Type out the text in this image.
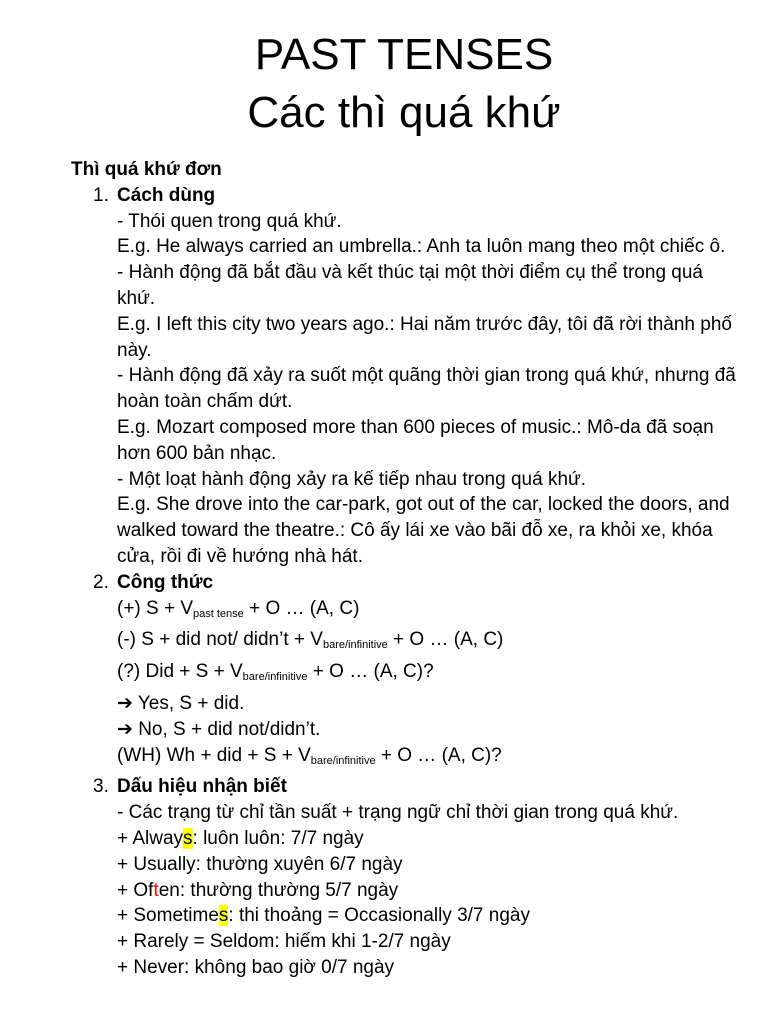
PAST TENSES
Các thì quá khứ
Thì quá khứ đơn
1. Cách dùng
- Thói quen trong quá khứ.
E.g. He always carried an umbrella.: Anh ta luôn mang theo một chiếc ô.
- Hành động đã bắt đầu và kết thúc tại một thời điểm cụ thể trong quá khứ.
E.g. I left this city two years ago.: Hai năm trước đây, tôi đã rời thành phố này.
- Hành động đã xảy ra suốt một quãng thời gian trong quá khứ, nhưng đã hoàn toàn chấm dứt.
E.g. Mozart composed more than 600 pieces of music.: Mô-da đã soạn hơn 600 bản nhạc.
- Một loạt hành động xảy ra kế tiếp nhau trong quá khứ.
E.g. She drove into the car-park, got out of the car, locked the doors, and walked toward the theatre.: Cô ấy lái xe vào bãi đỗ xe, ra khỏi xe, khóa cửa, rồi đi về hướng nhà hát.
2. Công thức
(+) $S + V_{past tense} + O$ … (A, C)
(-) S + did not/ didn’t + $V_{bare/infinitive} + O$ … (A, C)
(?) Did + $S + V_{bare/infinitive} + O$ … (A, C)?
➔ Yes, S + did.
➔ No, S + did not/didn’t.
(WH) Wh + did + $S + V_{bare/infinitive} + O$ … (A, C)?
3. Dấu hiệu nhận biết
- Các trạng từ chỉ tần suất + trạng ngữ chỉ thời gian trong quá khứ.
+ Always: luôn luôn: 7/7 ngày
+ Usually: thường xuyên 6/7 ngày
+ Often: thường thường 5/7 ngày
+ Sometimes: thi thoảng = Occasionally 3/7 ngày
+ Rarely = Seldom: hiếm khi 1-2/7 ngày
+ Never: không bao giờ 0/7 ngày
